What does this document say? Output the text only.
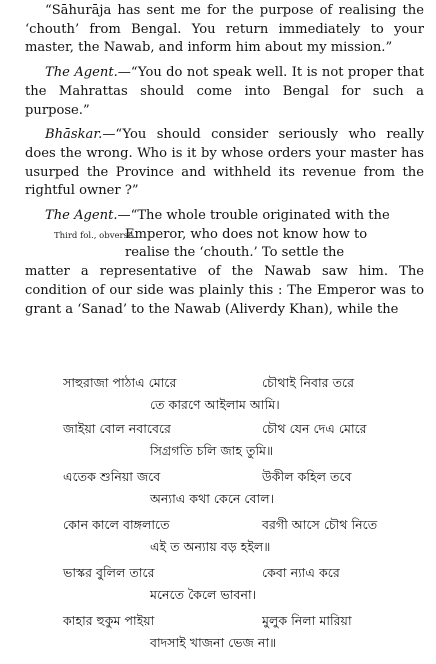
“Sāhurāja has sent me for the purpose of realising the ‘chouth’ from Bengal. You return immediately to your master, the Nawab, and inform him about my mission.”

The Agent.—“You do not speak well. It is not proper that the Mahrattas should come into Bengal for such a purpose.”

Bhāskar.—“You should consider seriously who really does the wrong. Who is it by whose orders your master has usurped the Province and withheld its revenue from the rightful owner ?”

The Agent.—“The whole trouble originated with the

Third fol., obverse.

Emperor, who does not know how to

realise the ‘chouth.’ To settle the

matter a representative of the Nawab saw him. The condition of our side was plainly this : The Emperor was to grant a ‘Sanad’ to the Nawab (Aliverdy Khan), while the

সাহুরাজা পাঠাএ মোরে	চৌথাই নিবার তরে
তে কারণে আইলাম আমি।
জাইয়া বোল নবাবেরে	চৌথ যেন দেএ মোরে
সিগ্রগতি চলি জাহ তুমি॥
এতেক শুনিয়া জবে	উকীল কহিল তবে
অন্যাএ কথা কেনে বোল।
কোন কালে বাঙ্গলাতে	বরগী আসে চৌথ নিতে
এই ত অন্যায় বড় হইল॥
ভাস্কর বুলিল তারে	কেবা ন্যাএ করে
মনেতে কৈলে ভাবনা।
কাহার হুকুম পাইয়া	মুলুক নিলা মারিয়া
বাদসাই খাজনা ভেজ না॥
